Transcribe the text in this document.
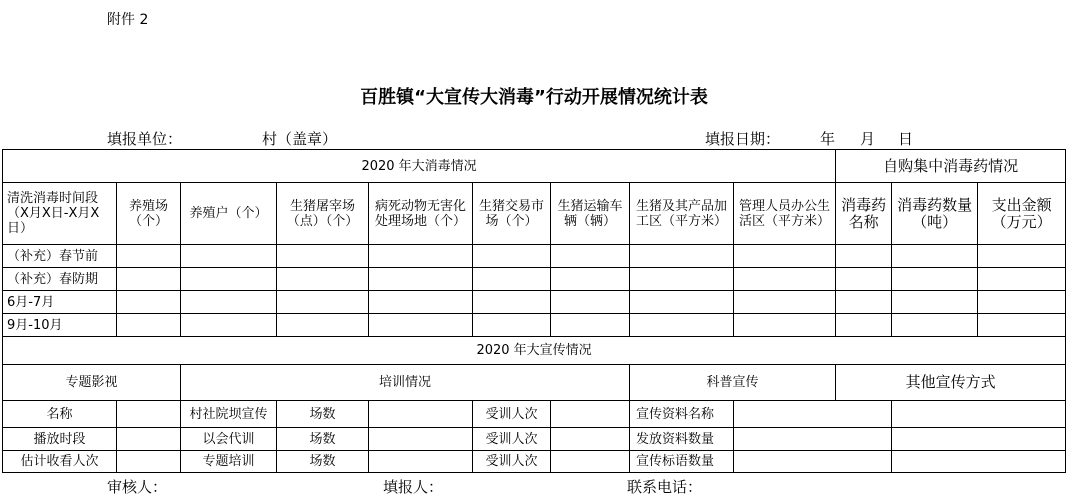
附件 2
百胜镇“大宣传大消毒”行动开展情况统计表
填报单位：	村（盖章）	填报日期：	年 月 日
2020 年大消毒情况									自购集中消毒药情况		
清洗消毒时间段（X月X日-X月X日）	养殖场（个）	养殖户（个）	生猪屠宰场（点）（个）	病死动物无害化处理场地（个）	生猪交易市场（个）	生猪运输车辆（辆）	生猪及其产品加工区（平方米）	管理人员办公生活区（平方米）	消毒药名称	消毒药数量（吨）	支出金额（万元）
（补充）春节前											
（补充）春防期											
6月-7月											
9月-10月											
2020 年大宣传情况											
专题影视		培训情况					科普宣传		其他宣传方式		
名称		村社院坝宣传	场数		受训人次		宣传资料名称				
播放时段		以会代训	场数		受训人次		发放资料数量				
估计收看人次		专题培训	场数		受训人次		宣传标语数量				
审核人：	填报人：	联系电话：
